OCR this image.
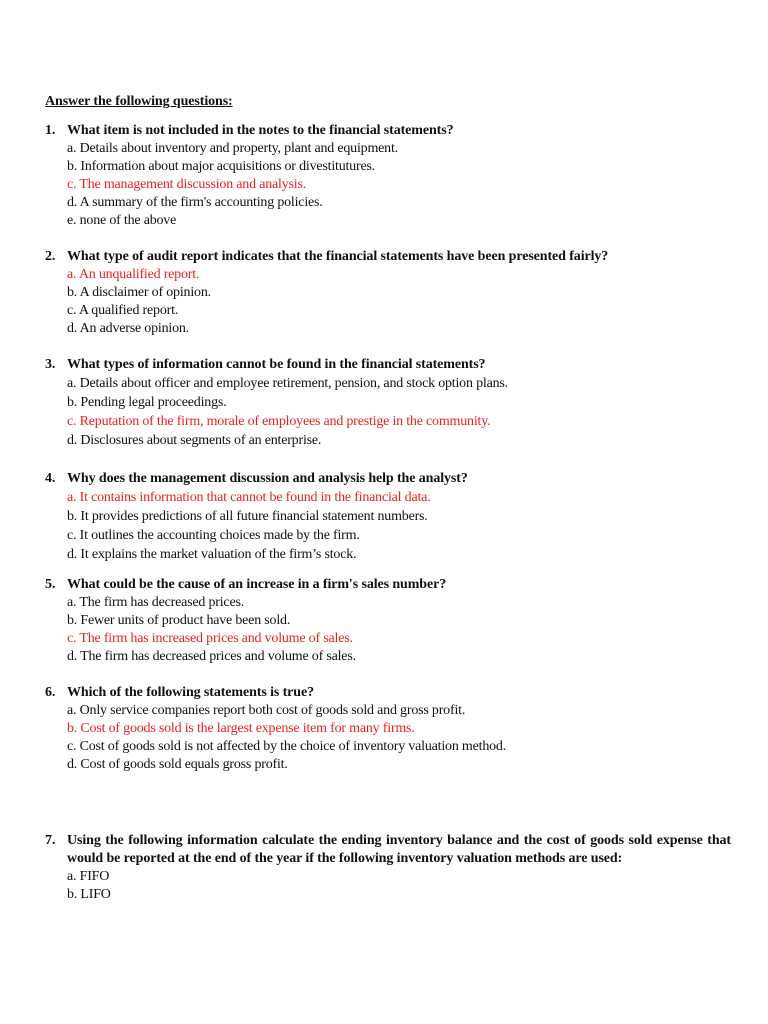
Answer the following questions:
1. What item is not included in the notes to the financial statements?
a. Details about inventory and property, plant and equipment.
b. Information about major acquisitions or divestitutures.
c. The management discussion and analysis.
d. A summary of the firm's accounting policies.
e. none of the above
2. What type of audit report indicates that the financial statements have been presented fairly?
a. An unqualified report.
b. A disclaimer of opinion.
c. A qualified report.
d. An adverse opinion.
3. What types of information cannot be found in the financial statements?
a. Details about officer and employee retirement, pension, and stock option plans.
b. Pending legal proceedings.
c. Reputation of the firm, morale of employees and prestige in the community.
d. Disclosures about segments of an enterprise.
4. Why does the management discussion and analysis help the analyst?
a. It contains information that cannot be found in the financial data.
b. It provides predictions of all future financial statement numbers.
c. It outlines the accounting choices made by the firm.
d. It explains the market valuation of the firm’s stock.
5. What could be the cause of an increase in a firm's sales number?
a. The firm has decreased prices.
b. Fewer units of product have been sold.
c. The firm has increased prices and volume of sales.
d. The firm has decreased prices and volume of sales.
6. Which of the following statements is true?
a. Only service companies report both cost of goods sold and gross profit.
b. Cost of goods sold is the largest expense item for many firms.
c. Cost of goods sold is not affected by the choice of inventory valuation method.
d. Cost of goods sold equals gross profit.
7. Using the following information calculate the ending inventory balance and the cost of goods sold expense that would be reported at the end of the year if the following inventory valuation methods are used:
a. FIFO
b. LIFO
